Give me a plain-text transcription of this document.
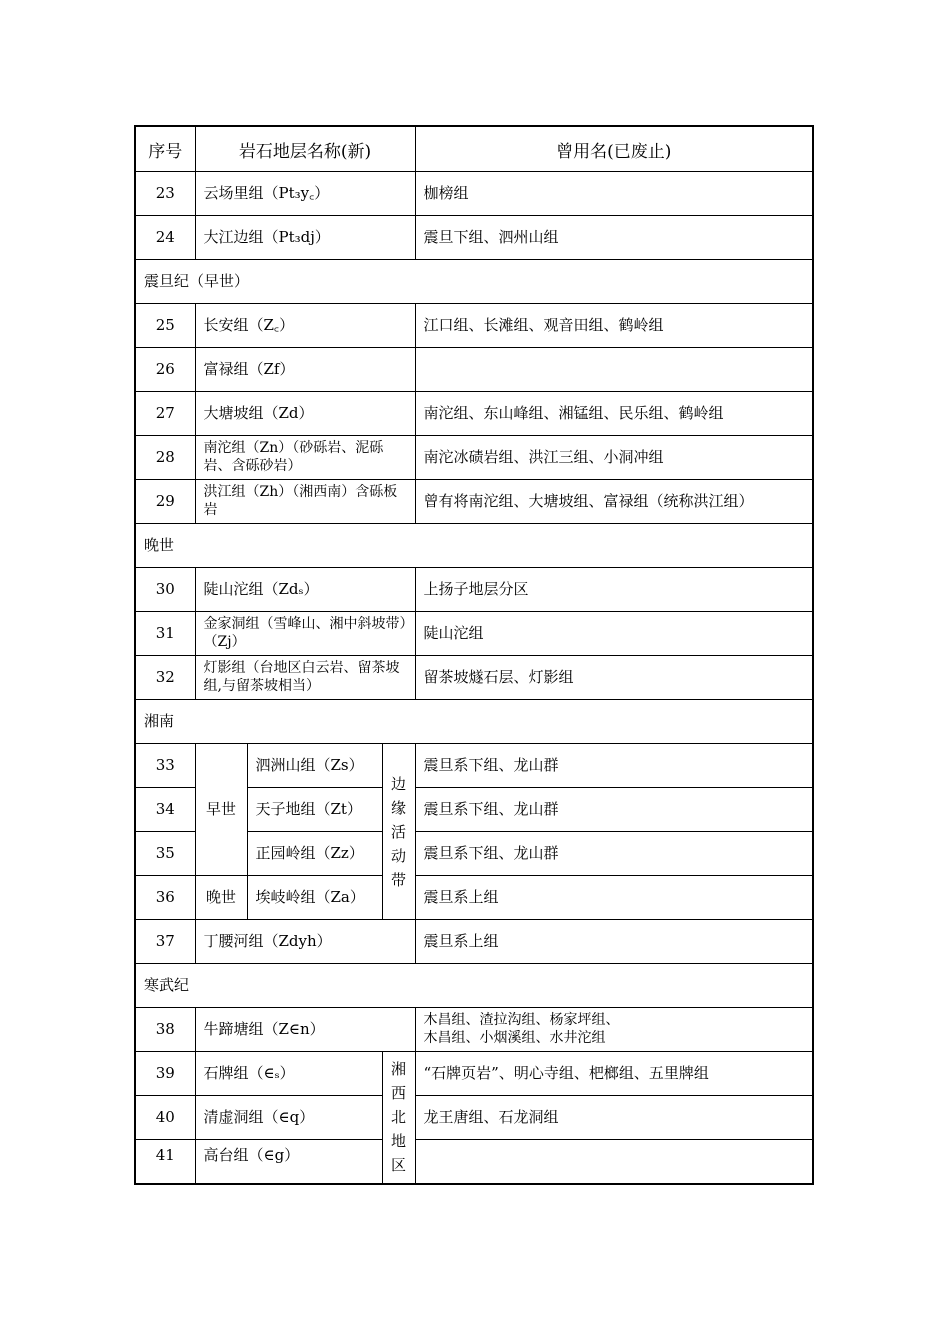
序号	岩石地层名称(新)			曾用名(已废止)
23	云场里组（Pt₃y꜀）			枷榜组
24	大江边组（Pt₃dj）			震旦下组、泗州山组
震旦纪（早世）				
25	长安组（Z꜀）			江口组、长滩组、观音田组、鹤岭组
26	富禄组（Zf）			
27	大塘坡组（Zd）			南沱组、东山峰组、湘锰组、民乐组、鹤岭组
28	南沱组（Zn）（砂砾岩、泥砾岩、含砾砂岩）			南沱冰碛岩组、洪江三组、小洞冲组
29	洪江组（Zh）（湘西南）含砾板岩			曾有将南沱组、大塘坡组、富禄组（统称洪江组）
晚世				
30	陡山沱组（Zdₛ）			上扬子地层分区
31	金家洞组（雪峰山、湘中斜坡带）（Zj）			陡山沱组
32	灯影组（台地区白云岩、留茶坡组,与留茶坡相当）			留茶坡燧石层、灯影组
湘南				
33	早世	泗洲山组（Zs）	边缘活动带	震旦系下组、龙山群
34		天子地组（Zt）		震旦系下组、龙山群
35		正园岭组（Zz）		震旦系下组、龙山群
36	晚世	埃岐岭组（Za）		震旦系上组
37	丁腰河组（Zdyh）			震旦系上组
寒武纪				
38	牛蹄塘组（Z∈n）			木昌组、渣拉沟组、杨家坪组、
木昌组、小烟溪组、水井沱组

39	石牌组（∈ₛ）		湘西北地区	“石牌页岩”、明心寺组、杷榔组、五里牌组
40	清虚洞组（∈q）			龙王唐组、石龙洞组
41	高台组（∈g）			
